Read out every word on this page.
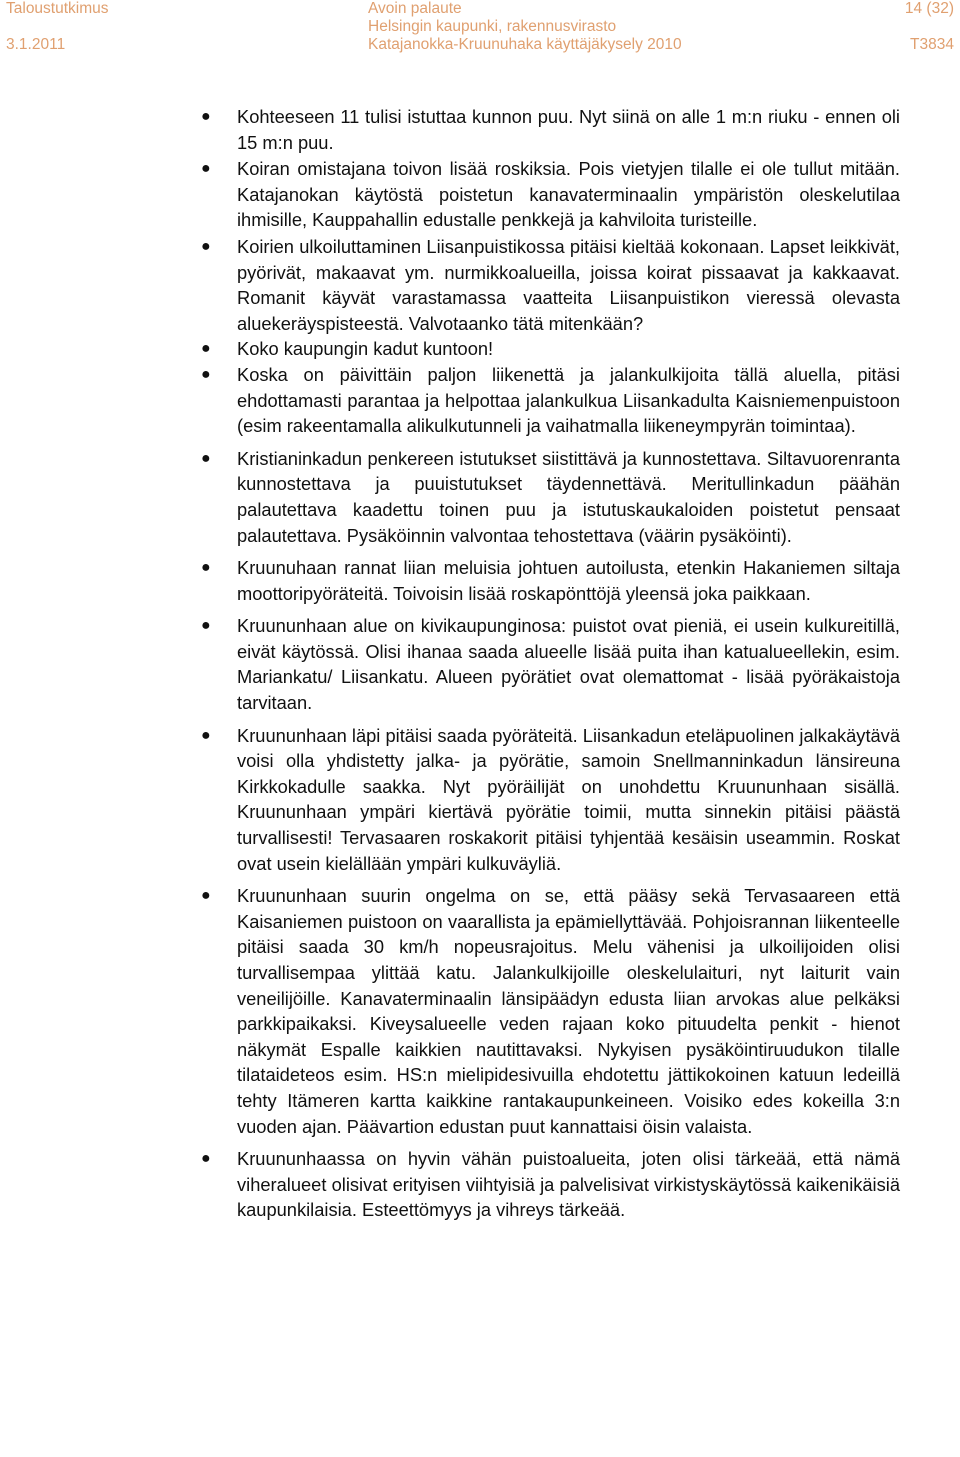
Taloustutkimus
3.1.2011
Avoin palaute
Helsingin kaupunki, rakennusvirasto
Katajanokka-Kruunuhaka käyttäjäkysely 2010
14 (32)
T3834
● Kohteeseen 11 tulisi istuttaa kunnon puu. Nyt siinä on alle 1 m:n riuku - ennen oli 15 m:n puu.
● Koiran omistajana toivon lisää roskiksia. Pois vietyjen tilalle ei ole tullut mitään. Katajanokan käytöstä poistetun kanavaterminaalin ympäristön oleskelutilaa ihmisille, Kauppahallin edustalle penkkejä ja kahviloita turisteille.
● Koirien ulkoiluttaminen Liisanpuistikossa pitäisi kieltää kokonaan. Lapset leikkivät, pyörivät, makaavat ym. nurmikkoalueilla, joissa koirat pissaavat ja kakkaavat. Romanit käyvät varastamassa vaatteita Liisanpuistikon vieressä olevasta aluekeräyspisteestä. Valvotaanko tätä mitenkään?
● Koko kaupungin kadut kuntoon!
● Koska on päivittäin paljon liikenettä ja jalankulkijoita tällä aluella, pitäsi ehdottamasti parantaa ja helpottaa jalankulkua Liisankadulta Kaisniemenpuistoon (esim rakeentamalla alikulkutunneli ja vaihatmalla liikeneympyrän toimintaa).
● Kristianinkadun penkereen istutukset siistittävä ja kunnostettava. Siltavuorenranta kunnostettava ja puuistutukset täydennettävä. Meritullinkadun päähän palautettava kaadettu toinen puu ja istutuskaukaloiden poistetut pensaat palautettava. Pysäköinnin valvontaa tehostettava (väärin pysäköinti).
● Kruunuhaan rannat liian meluisia johtuen autoilusta, etenkin Hakaniemen siltaja moottoripyöräteitä. Toivoisin lisää roskapönttöjä yleensä joka paikkaan.
● Kruununhaan alue on kivikaupunginosa: puistot ovat pieniä, ei usein kulkureitillä, eivät käytössä. Olisi ihanaa saada alueelle lisää puita ihan katualueellekin, esim. Mariankatu/ Liisankatu. Alueen pyörätiet ovat olemattomat - lisää pyöräkaistoja tarvitaan.
● Kruununhaan läpi pitäisi saada pyöräteitä. Liisankadun eteläpuolinen jalkakäytävä voisi olla yhdistetty jalka- ja pyörätie, samoin Snellmanninkadun länsireuna Kirkkokadulle saakka. Nyt pyöräilijät on unohdettu Kruununhaan sisällä. Kruununhaan ympäri kiertävä pyörätie toimii, mutta sinnekin pitäisi päästä turvallisesti! Tervasaaren roskakorit pitäisi tyhjentää kesäisin useammin. Roskat ovat usein kielällään ympäri kulkuväyliä.
● Kruununhaan suurin ongelma on se, että pääsy sekä Tervasaareen että Kaisaniemen puistoon on vaarallista ja epämiellyttävää. Pohjoisrannan liikenteelle pitäisi saada 30 km/h nopeusrajoitus. Melu vähenisi ja ulkoilijoiden olisi turvallisempaa ylittää katu. Jalankulkijoille oleskelulaituri, nyt laiturit vain veneilijöille. Kanavaterminaalin länsipäädyn edusta liian arvokas alue pelkäksi parkkipaikaksi. Kiveysalueelle veden rajaan koko pituudelta penkit - hienot näkymät Espalle kaikkien nautittavaksi. Nykyisen pysäköintiruudukon tilalle tilataideteos esim. HS:n mielipidesivuilla ehdotettu jättikokoinen katuun ledeillä tehty Itämeren kartta kaikkine rantakaupunkeineen. Voisiko edes kokeilla 3:n vuoden ajan. Päävartion edustan puut kannattaisi öisin valaista.
● Kruununhaassa on hyvin vähän puistoalueita, joten olisi tärkeää, että nämä viheralueet olisivat erityisen viihtyisiä ja palvelisivat virkistyskäytössä kaikenikäisiä kaupunkilaisia. Esteettömyys ja vihreys tärkeää.
